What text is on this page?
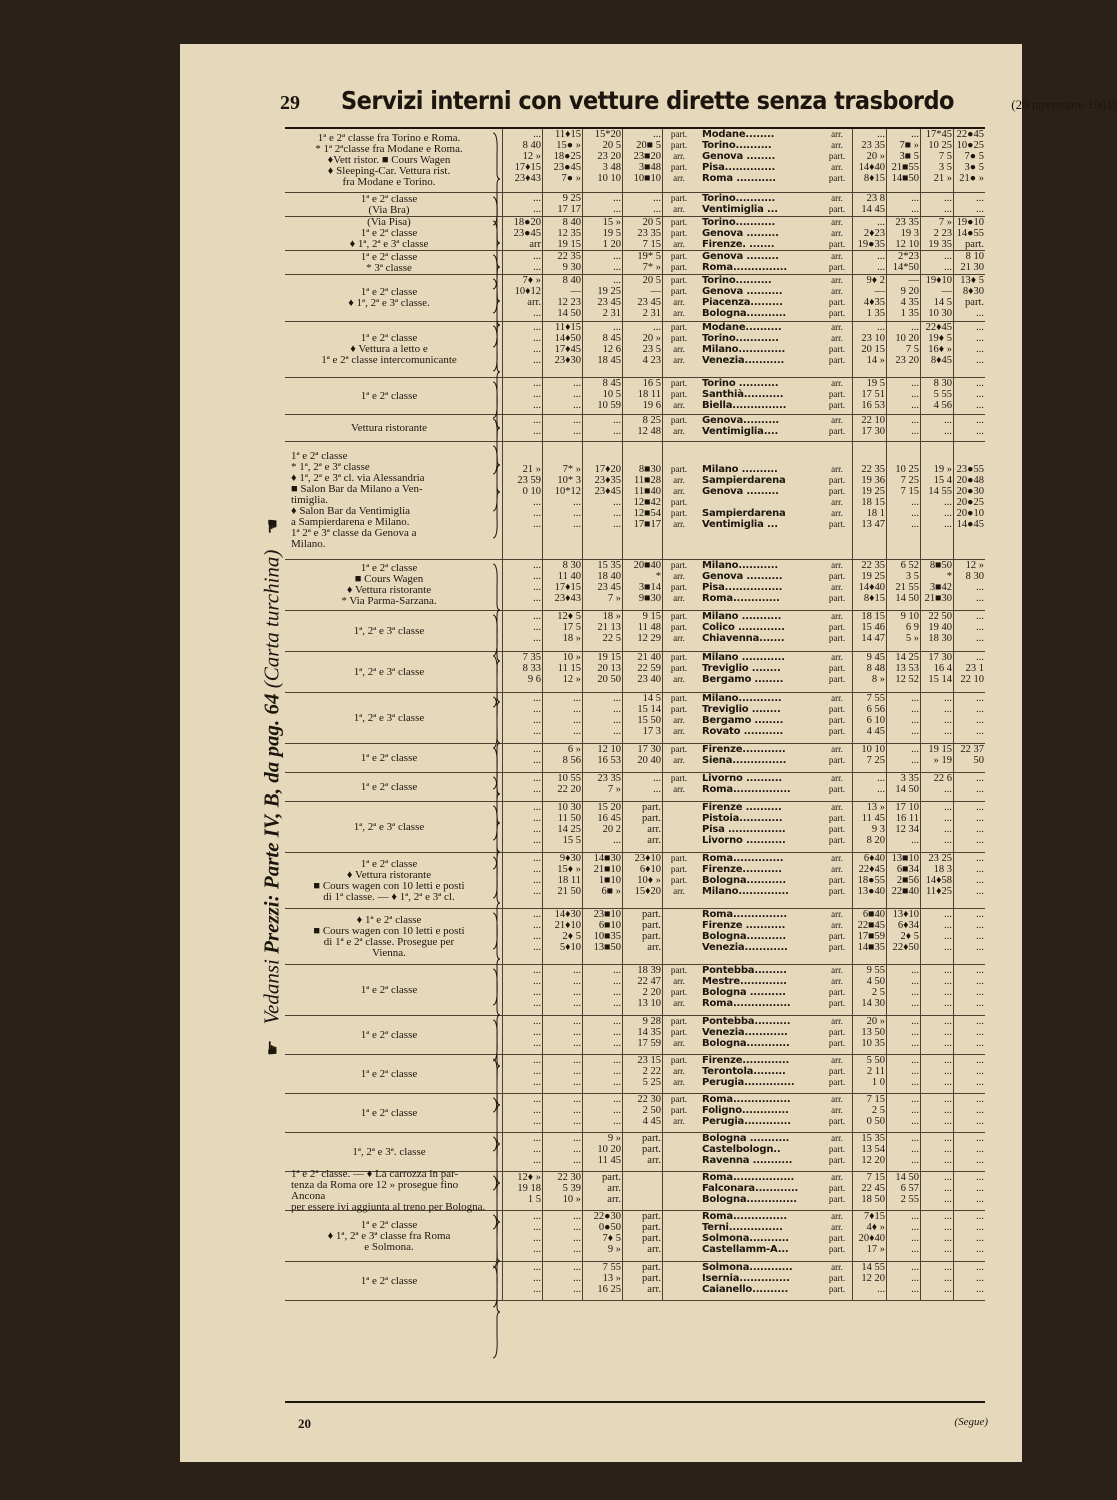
29 Servizi interni con vetture dirette senza trasbordo	(20 novembre 1901)
☛ Vedansi Prezzi: Parte IV, B, da pag. 64 (Carta turchina) ☚
1ª e 2ª classe fra Torino e Roma.
* 1ª 2ªclasse fra Modane e Roma.
♦Vett ristor. ■ Cours Wagen
♦ Sleeping-Car. Vettura rist.
fra Modane e Torino.
...
8 40
12 »
17♦15
23♦43
11♦15
15● »
18●25
23●45
7● »
15*20
20 5
23 20
3 48
10 10
...
20■ 5
23■20
3■48
10■10
part.
part.
arr.
part.
arr.
Modane........
Torino..........
Genova ........
Pisa..............
Roma ...........
arr.
arr.
part.
arr.
part.
...
23 35
20 »
14♦40
8♦15
...
7■ »
3■ 5
21■55
14■50
17*45
10 25
7 5
3 5
21 »
22●45
10●25
7● 5
3● 5
21● »
1ª e 2ª classe
(Via Bra)
...
...
9 25
17 17
...
...
...
...
part.
arr.
Torino...........
Ventimiglia ...
arr.
part.
23 8
14 45
...
...
...
...
...
...
(Via Pisa)
1ª e 2ª classe
♦ 1ª, 2ª e 3ª classe
18●20
23●45
arr
8 40
12 35
19 15
15 »
19 5
1 20
20 5
23 35
7 15
part.
part.
arr.
Torino...........
Genova .........
Firenze. .......
arr.
arr.
part.
...
2♦23
19●35
23 35
19 3
12 10
7 »
2 23
19 35
19●10
14●55
part.
1ª e 2ª classe
* 3ª classe
...
...
22 35
9 30
...
...
19* 5
7* »
part.
part.
Genova .........
Roma...............
arr.
part.
...
...
2*23
14*50
...
...
8 10
21 30
1ª e 2ª classe
♦ 1ª, 2ª e 3ª classe.
7♦ »
10♦12
arr.
...
8 40
—
12 23
14 50
...
19 25
23 45
2 31
20 5
—
23 45
2 31
part.
part.
arr.
arr.
Torino..........
Genova ..........
Piacenza.........
Bologna...........
arr.
arr.
part.
part.
9♦ 2
—
4♦35
1 35
—
9 20
4 35
1 35
19♦10
—
14 5
10 30
13♦ 5
8♦30
part.
...
1ª e 2ª classe
♦ Vettura a letto e
1ª e 2ª classe intercomunicante
...
...
...
...
11♦15
14♦50
17♦45
23♦30
...
8 45
12 6
18 45
...
20 »
23 5
4 23
part.
part.
arr.
arr.
Modane..........
Torino............
Milano.............
Venezia...........
arr.
arr.
part.
part.
...
23 10
20 15
14 »
...
10 20
7 5
23 20
22♦45
19♦ 5
16♦ »
8♦45
...
...
...
...
1ª e 2ª classe
...
...
...
...
...
...
8 45
10 5
10 59
16 5
18 11
19 6
part.
part.
arr.
Torino ...........
Santhià...........
Biella...............
arr.
part.
part.
19 5
17 51
16 53
...
...
...
8 30
5 55
4 56
...
...
...
Vettura ristorante
...
...
...
...
...
...
8 25
12 48
part.
arr.
Genova..........
Ventimiglia....
arr.
part.
22 10
17 30
...
...
...
...
...
...
1ª e 2ª classe
* 1ª, 2ª e 3ª classe
♦ 1ª, 2ª e 3ª cl. via Alessandria
■ Salon Bar da Milano a Ven-
timiglia.
♦ Salon Bar da Ventimiglia
a Sampierdarena e Milano.
1ª 2ª e 3ª classe da Genova a
Milano.
21 »
23 59
0 10
...
...
...
7* »
10* 3
10*12
...
...
...
17♦20
23♦35
23♦45
...
...
...
8■30
11■28
11■40
12■42
12■54
17■17
part.
arr.
arr.
part.
part.
arr.
Milano ..........
Sampierdarena
Genova .........
Sampierdarena
Ventimiglia ...
arr.
part.
part.
arr.
arr.
part.
22 35
19 36
19 25
18 15
18 1
13 47
10 25
7 25
7 15
...
...
...
19 »
15 4
14 55
...
...
...
23●55
20●48
20●30
20●25
20●10
14●45
1ª e 2ª classe
■ Cours Wagen
♦ Vettura ristorante
* Via Parma-Sarzana.
...
...
...
...
8 30
11 40
17♦15
23♦43
15 35
18 40
23 45
7 »
20■40
*
3■14
9■30
part.
arr.
part.
arr.
Milano...........
Genova ..........
Pisa................
Roma.............
arr.
part.
arr.
part.
22 35
19 25
14♦40
8♦15
6 52
3 5
21 55
14 50
8■50
*
3■42
21■30
12 »
8 30
...
...
1ª, 2ª e 3ª classe
...
...
...
12♦ 5
17 5
18 »
18 »
21 13
22 5
9 15
11 48
12 29
part.
part.
arr.
Milano ...........
Colico .............
Chiavenna.......
arr.
part.
part.
18 15
15 46
14 47
9 10
6 9
5 »
22 50
19 40
18 30
...
...
...
1ª, 2ª e 3ª classe
7 35
8 33
9 6
10 »
11 15
12 »
19 15
20 13
20 50
21 40
22 59
23 40
part.
part.
arr.
Milano ............
Treviglio ........
Bergamo ........
arr.
part.
part.
9 45
8 48
8 »
14 25
13 53
12 52
17 30
16 4
15 14
...
23 1
22 10
1ª, 2ª e 3ª classe
...
...
...
...
...
...
...
...
...
...
...
...
14 5
15 14
15 50
17 3
part.
part.
arr.
arr.
Milano............
Treviglio ........
Bergamo ........
Rovato ...........
arr.
part.
part.
part.
7 55
6 56
6 10
4 45
...
...
...
...
...
...
...
...
...
...
...
...
1ª e 2ª classe
...
...
6 »
8 56
12 10
16 53
17 30
20 40
part.
arr.
Firenze............
Siena...............
arr.
part.
10 10
7 25
...
...
19 15
» 19
22 37
50
1ª e 2ª classe
...
...
10 55
22 20
23 35
7 »
...
...
part.
arr.
Livorno ..........
Roma................
arr.
part.
...
...
3 35
14 50
22 6
...
...
...
1ª, 2ª e 3ª classe
...
...
...
...
10 30
11 50
14 25
15 5
15 20
16 45
20 2
...
part.
part.
arr.
arr.
Firenze ..........
Pistoia............
Pisa ................
Livorno ...........
arr.
part.
part.
part.
13 »
11 45
9 3
8 20
17 10
16 11
12 34
...
...
...
...
...
...
...
...
...
1ª e 2ª classe
♦ Vettura ristorante
■ Cours wagen con 10 letti e posti
di 1ª classe. — ♦ 1ª, 2ª e 3ª cl.
...
...
...
...
9♦30
15♦ »
18 11
21 50
14■30
21■10
1■10
6■ »
23♦10
6♦10
10♦ »
15♦20
part.
part.
part.
arr.
Roma..............
Firenze...........
Bologna...........
Milano..............
arr.
arr.
part.
part.
6♦40
22♦45
18●55
13●40
13■10
6■34
2■56
22■40
23 25
18 3
14♦58
11♦25
...
...
...
...
♦ 1ª e 2ª classe
■ Cours wagen con 10 letti e posti
di 1ª e 2ª classe. Prosegue per
Vienna.
...
...
...
...
14♦30
21♦10
2♦ 5
5♦10
23■10
6■10
10■35
13■50
part.
part.
part.
arr.
Roma...............
Firenze ...........
Bologna...........
Venezia............
arr.
arr.
part.
part.
6■40
22■45
17■59
14■35
13♦10
6♦34
2♦ 5
22♦50
...
...
...
...
...
...
...
...
1ª e 2ª classe
...
...
...
...
...
...
...
...
...
...
...
...
18 39
22 47
2 20
13 10
part.
arr.
part.
arr.
Pontebba.........
Mestre.............
Bologna ..........
Roma................
arr.
arr.
part.
part.
9 55
4 50
2 5
14 30
...
...
...
...
...
...
...
...
...
...
...
...
1ª e 2ª classe
...
...
...
...
...
...
...
...
...
9 28
14 35
17 59
part.
part.
arr.
Pontebba..........
Venezia............
Bologna............
arr.
part.
part.
20 »
13 50
10 35
...
...
...
...
...
...
...
...
...
1ª e 2ª classe
...
...
...
...
...
...
...
...
...
23 15
2 22
5 25
part.
arr.
arr.
Firenze.............
Terontola.........
Perugia..............
arr.
part.
part.
5 50
2 11
1 0
...
...
...
...
...
...
...
...
...
1ª e 2ª classe
...
...
...
...
...
...
...
...
...
22 30
2 50
4 45
part.
part.
arr.
Roma................
Foligno.............
Perugia.............
arr.
arr.
part.
7 15
2 5
0 50
...
...
...
...
...
...
...
...
...
1ª, 2ª e 3ª. classe
...
...
...
...
...
...
9 »
10 20
11 45
part.
part.
arr.
Bologna ...........
Castelbologn..
Ravenna ...........
arr.
part.
part.
15 35
13 54
12 20
...
...
...
...
...
...
...
...
...
1ª e 2ª classe. — ♦ La carrozza in par-
tenza da Roma ore 12 » prosegue fino Ancona
per essere ivi aggiunta al treno per Bologna.
12♦ »
19 18
1 5
22 30
5 39
10 »
part.
arr.
arr.
Roma.................
Falconara............
Bologna..............
arr.
part.
part.
7 15
22 45
18 50
14 50
6 57
2 55
...
...
...
...
...
...
1ª e 2ª classe
♦ 1ª, 2ª e 3ª classe fra Roma
e Solmona.
...
...
...
...
...
...
...
...
22●30
0●50
7♦ 5
9 »
part.
part.
part.
arr.
Roma...............
Terni...............
Solmona...........
Castellamm-A...
arr.
arr.
part.
part.
7♦15
4♦ »
20♦40
17 »
...
...
...
...
...
...
...
...
...
...
...
...
1ª e 2ª classe
...
...
...
...
...
...
7 55
13 »
16 25
part.
part.
arr.
Solmona............
Isernia..............
Caianello..........
arr.
part.
part.
14 55
12 20
...
...
...
...
...
...
...
...
...
...
20	(Segue)
